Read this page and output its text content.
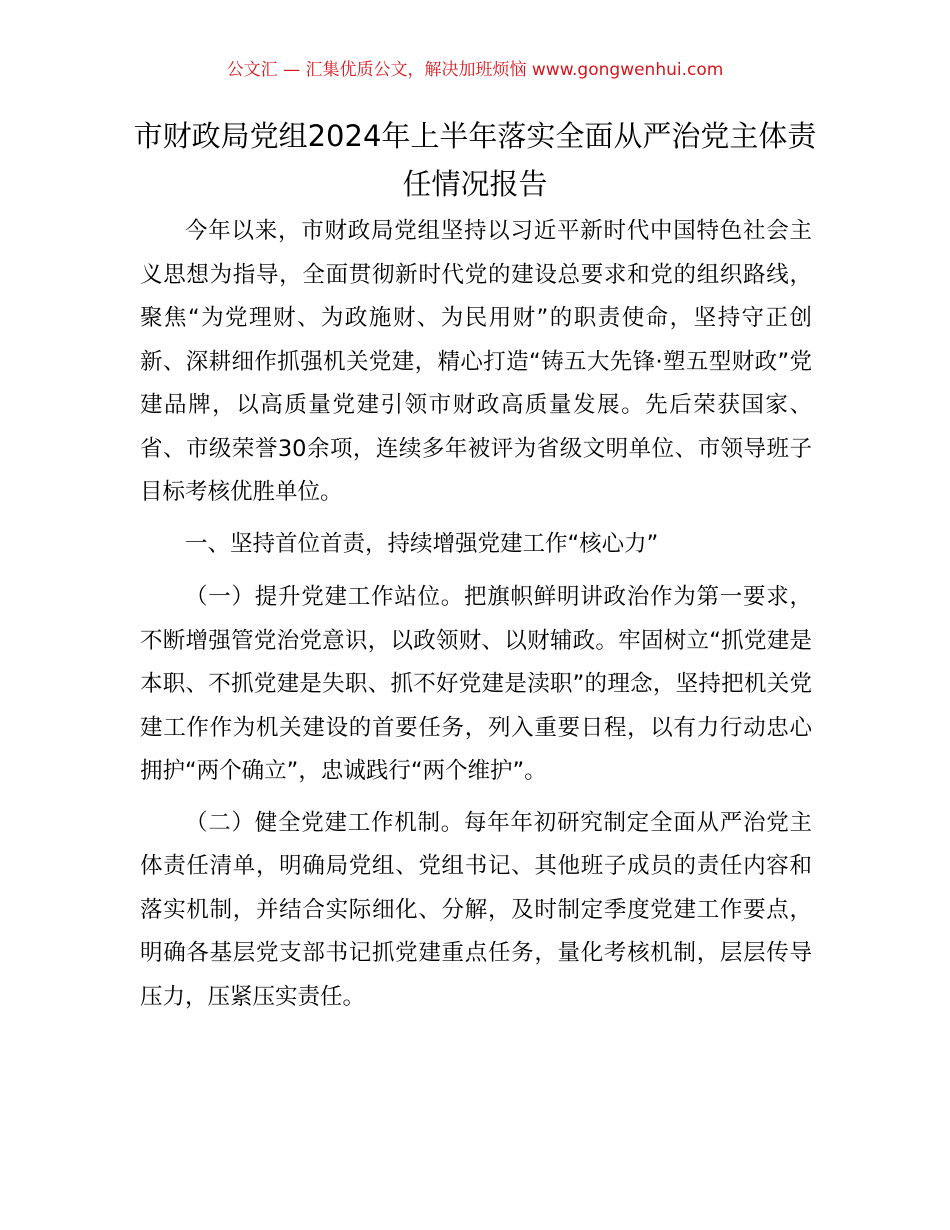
公文汇 — 汇集优质公文，解决加班烦恼 www.gongwenhui.com
市财政局党组2024年上半年落实全面从严治党主体责任情况报告

今年以来，市财政局党组坚持以习近平新时代中国特色社会主义思想为指导，全面贯彻新时代党的建设总要求和党的组织路线，聚焦“为党理财、为政施财、为民用财”的职责使命，坚持守正创新、深耕细作抓强机关党建，精心打造“铸五大先锋·塑五型财政”党建品牌，以高质量党建引领市财政高质量发展。先后荣获国家、省、市级荣誉30余项，连续多年被评为省级文明单位、市领导班子目标考核优胜单位。

一、坚持首位首责，持续增强党建工作“核心力”

（一）提升党建工作站位。把旗帜鲜明讲政治作为第一要求，不断增强管党治党意识，以政领财、以财辅政。牢固树立“抓党建是本职、不抓党建是失职、抓不好党建是渎职”的理念，坚持把机关党建工作作为机关建设的首要任务，列入重要日程，以有力行动忠心拥护“两个确立”，忠诚践行“两个维护”。

（二）健全党建工作机制。每年年初研究制定全面从严治党主体责任清单，明确局党组、党组书记、其他班子成员的责任内容和落实机制，并结合实际细化、分解，及时制定季度党建工作要点，明确各基层党支部书记抓党建重点任务，量化考核机制，层层传导压力，压紧压实责任。
